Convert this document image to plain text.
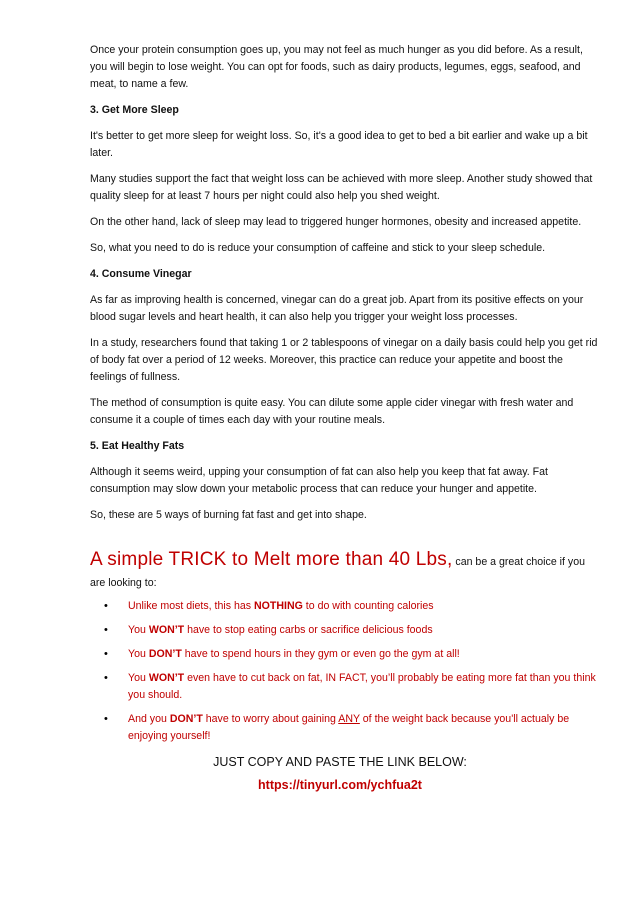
Once your protein consumption goes up, you may not feel as much hunger as you did before. As a result, you will begin to lose weight. You can opt for foods, such as dairy products, legumes, eggs, seafood, and meat, to name a few.

3. Get More Sleep

It's better to get more sleep for weight loss. So, it's a good idea to get to bed a bit earlier and wake up a bit later.

Many studies support the fact that weight loss can be achieved with more sleep. Another study showed that quality sleep for at least 7 hours per night could also help you shed weight.

On the other hand, lack of sleep may lead to triggered hunger hormones, obesity and increased appetite.

So, what you need to do is reduce your consumption of caffeine and stick to your sleep schedule.

4. Consume Vinegar

As far as improving health is concerned, vinegar can do a great job. Apart from its positive effects on your blood sugar levels and heart health, it can also help you trigger your weight loss processes.

In a study, researchers found that taking 1 or 2 tablespoons of vinegar on a daily basis could help you get rid of body fat over a period of 12 weeks. Moreover, this practice can reduce your appetite and boost the feelings of fullness.

The method of consumption is quite easy. You can dilute some apple cider vinegar with fresh water and consume it a couple of times each day with your routine meals.

5. Eat Healthy Fats

Although it seems weird, upping your consumption of fat can also help you keep that fat away. Fat consumption may slow down your metabolic process that can reduce your hunger and appetite.

So, these are 5 ways of burning fat fast and get into shape.

A simple TRICK to Melt more than 40 Lbs, can be a great choice if you are looking to:
• Unlike most diets, this has NOTHING to do with counting calories
• You WON’T have to stop eating carbs or sacrifice delicious foods
• You DON’T have to spend hours in they gym or even go the gym at all!
• You WON’T even have to cut back on fat, IN FACT, you’ll probably be eating more fat than you think you should.
• And you DON’T have to worry about gaining ANY of the weight back because you'll actualy be enjoying yourself!
JUST COPY AND PASTE THE LINK BELOW:
https://tinyurl.com/ychfua2t
